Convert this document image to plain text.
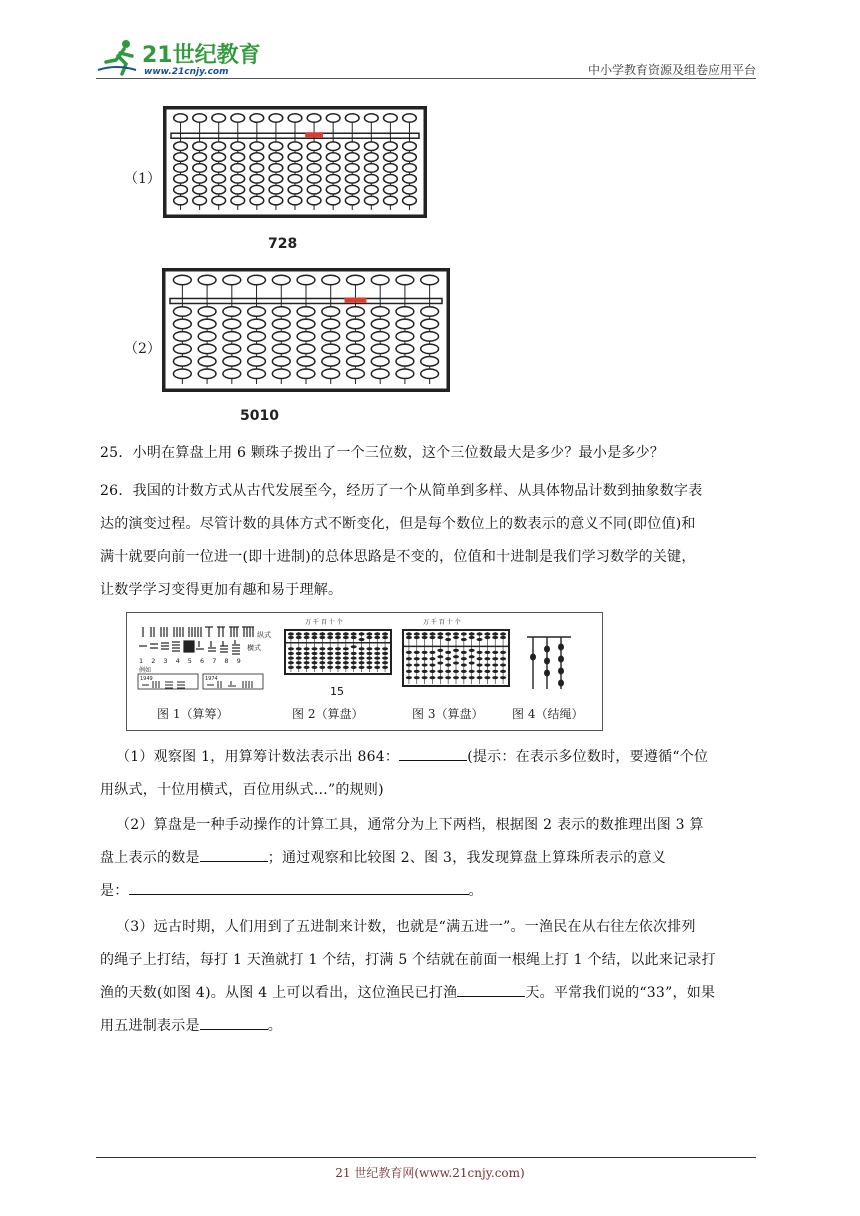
21世纪教育
www.21cnjy.com	中小学教育资源及组卷应用平台
（1）
728
（2）
5010
25．小明在算盘上用 6 颗珠子拨出了一个三位数，这个三位数最大是多少？最小是多少？
26．我国的计数方式从古代发展至今，经历了一个从简单到多样、从具体物品计数到抽象数字表
达的演变过程。尽管计数的具体方式不断变化，但是每个数位上的数表示的意义不同(即位值)和
满十就要向前一位进一(即十进制)的总体思路是不变的，位值和十进制是我们学习数学的关键，
让数学学习变得更加有趣和易于理解。
纵式
横式
1 2 3 4 5 6 7 8 9
例如
1949	1974
图 1（算筹）
万 千 百 十 个
15
图 2（算盘）
万 千 百 十 个
图 3（算盘） 图 4（结绳）
（1）观察图 1，用算筹计数法表示出 864：	(提示：在表示多位数时，要遵循“个位
用纵式，十位用横式，百位用纵式…”的规则)
（2）算盘是一种手动操作的计算工具，通常分为上下两档，根据图 2 表示的数推理出图 3 算
盘上表示的数是	；通过观察和比较图 2、图 3，我发现算盘上算珠所表示的意义
是：	。
（3）远古时期，人们用到了五进制来计数，也就是“满五进一”。一渔民在从右往左依次排列
的绳子上打结，每打 1 天渔就打 1 个结，打满 5 个结就在前面一根绳上打 1 个结，以此来记录打
渔的天数(如图 4)。从图 4 上可以看出，这位渔民已打渔	天。平常我们说的“33”，如果
用五进制表示是	。
21 世纪教育网(www.21cnjy.com)
